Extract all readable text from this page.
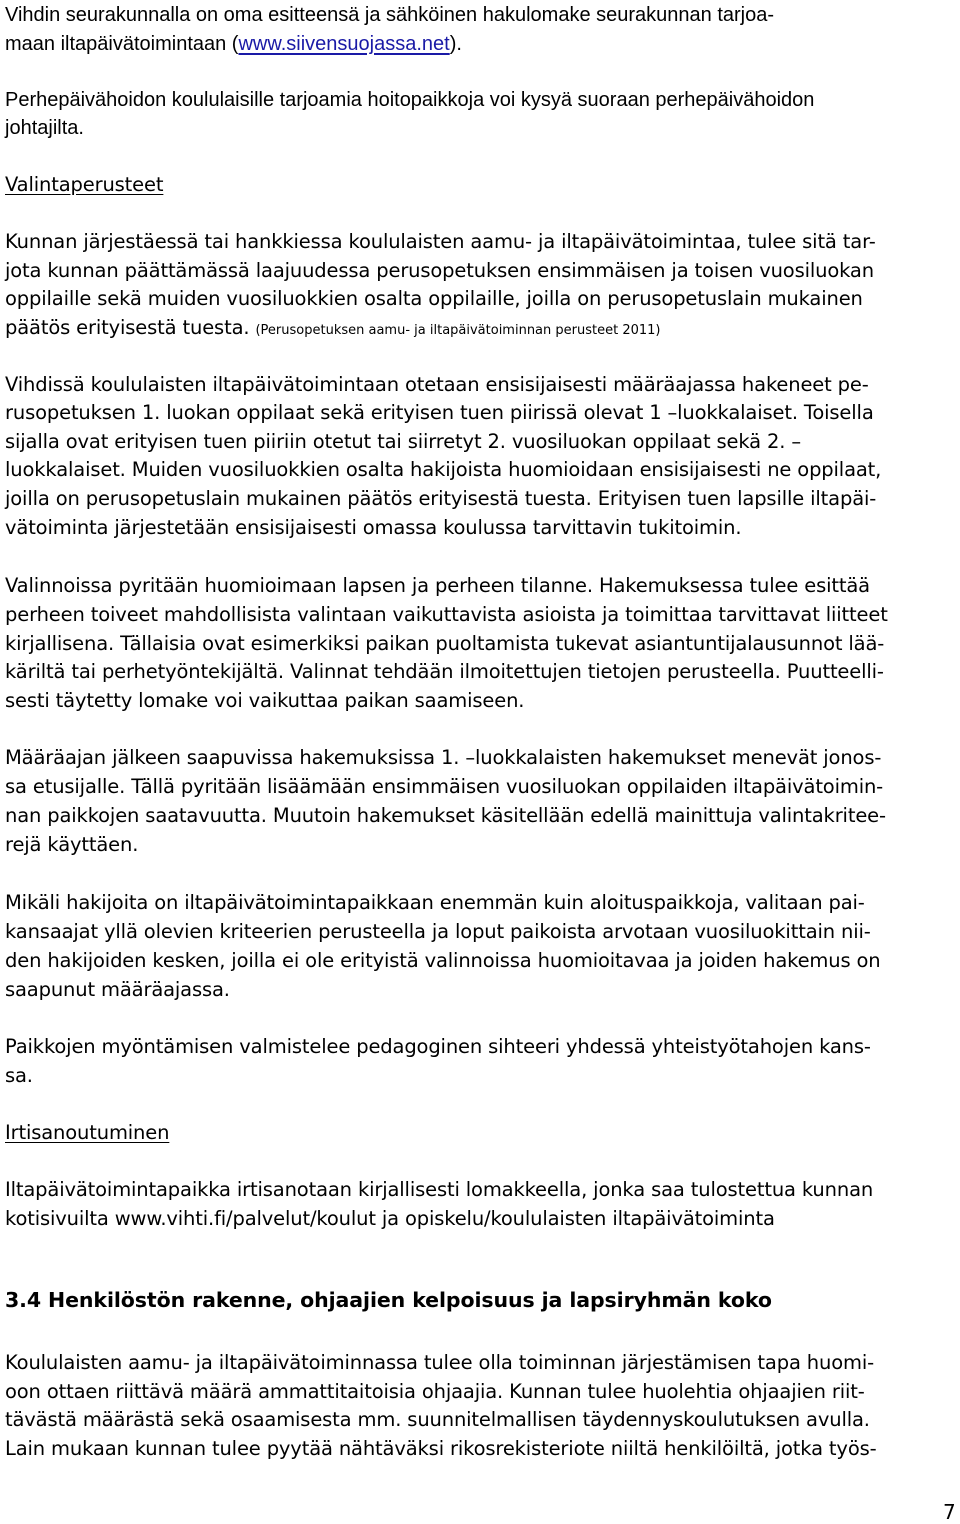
Vihdin seurakunnalla on oma esitteensä ja sähköinen hakulomake seurakunnan tarjoa-
maan iltapäivätoimintaan (www.siivensuojassa.net).
Perhepäivähoidon koululaisille tarjoamia hoitopaikkoja voi kysyä suoraan perhepäivähoidon
johtajilta.
Valintaperusteet
Kunnan järjestäessä tai hankkiessa koululaisten aamu- ja iltapäivätoimintaa, tulee sitä tar-
jota kunnan päättämässä laajuudessa perusopetuksen ensimmäisen ja toisen vuosiluokan
oppilaille sekä muiden vuosiluokkien osalta oppilaille, joilla on perusopetuslain mukainen
päätös erityisestä tuesta. (Perusopetuksen aamu- ja iltapäivätoiminnan perusteet 2011)
Vihdissä koululaisten iltapäivätoimintaan otetaan ensisijaisesti määräajassa hakeneet pe-
rusopetuksen 1. luokan oppilaat sekä erityisen tuen piirissä olevat 1 –luokkalaiset. Toisella
sijalla ovat erityisen tuen piiriin otetut tai siirretyt 2. vuosiluokan oppilaat sekä 2. –
luokkalaiset. Muiden vuosiluokkien osalta hakijoista huomioidaan ensisijaisesti ne oppilaat,
joilla on perusopetuslain mukainen päätös erityisestä tuesta. Erityisen tuen lapsille iltapäi-
vätoiminta järjestetään ensisijaisesti omassa koulussa tarvittavin tukitoimin.
Valinnoissa pyritään huomioimaan lapsen ja perheen tilanne. Hakemuksessa tulee esittää
perheen toiveet mahdollisista valintaan vaikuttavista asioista ja toimittaa tarvittavat liitteet
kirjallisena. Tällaisia ovat esimerkiksi paikan puoltamista tukevat asiantuntijalausunnot lää-
käriltä tai perhetyöntekijältä. Valinnat tehdään ilmoitettujen tietojen perusteella. Puutteelli-
sesti täytetty lomake voi vaikuttaa paikan saamiseen.
Määräajan jälkeen saapuvissa hakemuksissa 1. –luokkalaisten hakemukset menevät jonos-
sa etusijalle. Tällä pyritään lisäämään ensimmäisen vuosiluokan oppilaiden iltapäivätoimin-
nan paikkojen saatavuutta. Muutoin hakemukset käsitellään edellä mainittuja valintakritee-
rejä käyttäen.
Mikäli hakijoita on iltapäivätoimintapaikkaan enemmän kuin aloituspaikkoja, valitaan pai-
kansaajat yllä olevien kriteerien perusteella ja loput paikoista arvotaan vuosiluokittain nii-
den hakijoiden kesken, joilla ei ole erityistä valinnoissa huomioitavaa ja joiden hakemus on
saapunut määräajassa.
Paikkojen myöntämisen valmistelee pedagoginen sihteeri yhdessä yhteistyötahojen kans-
sa.
Irtisanoutuminen
Iltapäivätoimintapaikka irtisanotaan kirjallisesti lomakkeella, jonka saa tulostettua kunnan
kotisivuilta www.vihti.fi/palvelut/koulut ja opiskelu/koululaisten iltapäivätoiminta
3.4 Henkilöstön rakenne, ohjaajien kelpoisuus ja lapsiryhmän koko
Koululaisten aamu- ja iltapäivätoiminnassa tulee olla toiminnan järjestämisen tapa huomi-
oon ottaen riittävä määrä ammattitaitoisia ohjaajia. Kunnan tulee huolehtia ohjaajien riit-
tävästä määrästä sekä osaamisesta mm. suunnitelmallisen täydennyskoulutuksen avulla.
Lain mukaan kunnan tulee pyytää nähtäväksi rikosrekisteriote niiltä henkilöiltä, jotka työs-
7
